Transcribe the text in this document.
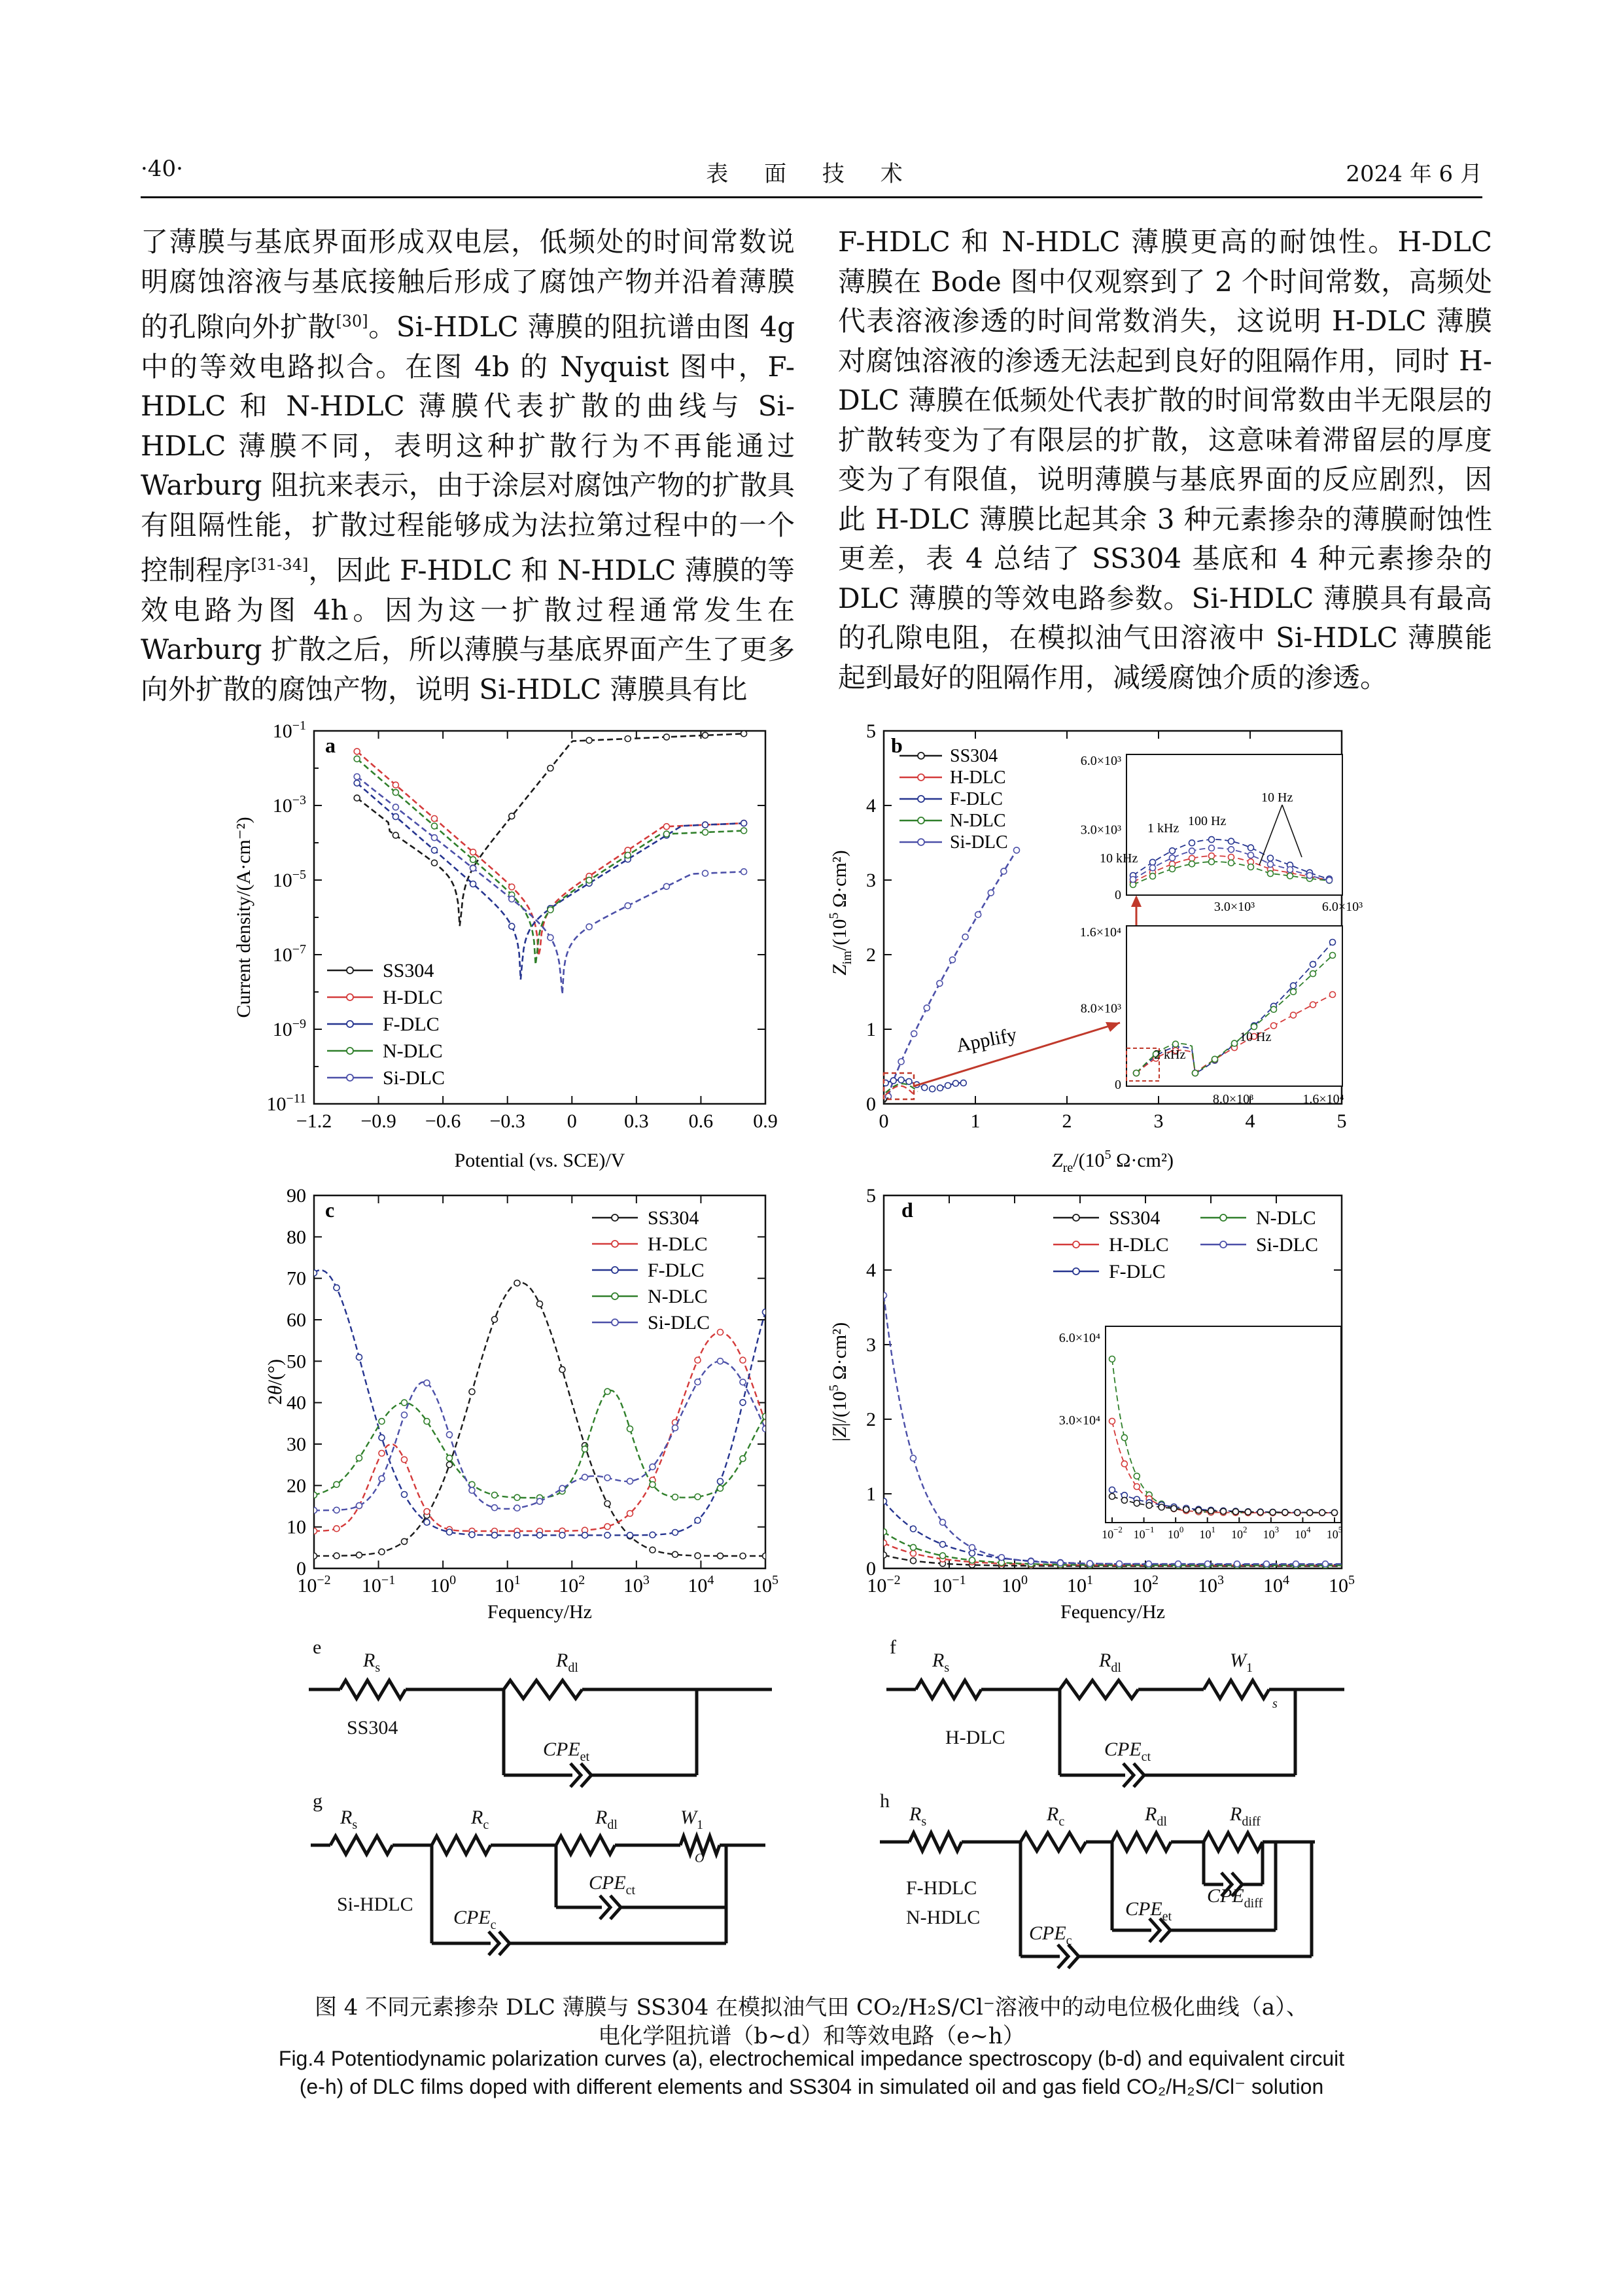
·40·	表 面 技 术	2024 年 6 月

了薄膜与基底界面形成双电层，低频处的时间常数说明腐蚀溶液与基底接触后形成了腐蚀产物并沿着薄膜的孔隙向外扩散[30]。Si-HDLC 薄膜的阻抗谱由图 4g 中的等效电路拟合。在图 4b 的 Nyquist 图中，F-HDLC 和 N-HDLC 薄膜代表扩散的曲线与 Si-HDLC 薄膜不同，表明这种扩散行为不再能通过 Warburg 阻抗来表示，由于涂层对腐蚀产物的扩散具有阻隔性能，扩散过程能够成为法拉第过程中的一个控制程序[31-34]，因此 F-HDLC 和 N-HDLC 薄膜的等效电路为图 4h。因为这一扩散过程通常发生在 Warburg 扩散之后，所以薄膜与基底界面产生了更多向外扩散的腐蚀产物，说明 Si-HDLC 薄膜具有比

F-HDLC 和 N-HDLC 薄膜更高的耐蚀性。H-DLC 薄膜在 Bode 图中仅观察到了 2 个时间常数，高频处代表溶液渗透的时间常数消失，这说明 H-DLC 薄膜对腐蚀溶液的渗透无法起到良好的阻隔作用，同时 H-DLC 薄膜在低频处代表扩散的时间常数由半无限层的扩散转变为了有限层的扩散，这意味着滞留层的厚度变为了有限值，说明薄膜与基底界面的反应剧烈，因此 H-DLC 薄膜比起其余 3 种元素掺杂的薄膜耐蚀性更差，表 4 总结了 SS304 基底和 4 种元素掺杂的 DLC 薄膜的等效电路参数。Si-HDLC 薄膜具有最高的孔隙电阻，在模拟油气田溶液中 Si-HDLC 薄膜能起到最好的阻隔作用，减缓腐蚀介质的渗透。

a
−1.2 −0.9 −0.6 −0.3 0 0.3 0.6 0.9
$10^{-1}$
$10^{-3}$
$10^{-5}$
$10^{-7}$
$10^{-9}$
$10^{-11}$
SS304
H-DLC
F-DLC
N-DLC
Si-DLC
Potential (vs. SCE)/V
Current density/(A·cm⁻²)
b
0	1	2	3	4	5
0
1
2
3
4
5
SS304
H-DLC
F-DLC
N-DLC
Si-DLC
$Z_{im}/(10^5$ Ω·cm²)
$Z_{re}/(10^5$ Ω·cm²)
Applify
6.0×10³
3.0×10³
0
3.0×10³	6.0×10³
10 Hz
100 Hz
1 kHz
10 kHz
1.6×10⁴
8.0×10³
0
8.0×10³	1.6×10⁴
2 kHz
10 Hz
c
$10^{-2}$ $10^{-1}$ $10^0$ $10^1$ $10^2$ $10^3$ $10^4$ $10^5$
0
10
20
30
40
50
60
70
80
90
SS304
H-DLC
F-DLC
N-DLC
Si-DLC
Fequency/Hz
2θ/(°)
d
$10^{-2}$ $10^{-1}$ $10^0$ $10^1$ $10^2$ $10^3$ $10^4$ $10^5$
0
1
2
3
4
5
SS304
H-DLC
F-DLC
N-DLC
Si-DLC
Fequency/Hz
$|Z|/(10^5$ Ω·cm²)	6.0×10⁴
3.0×10⁴
$10^{-2}$ $10^{-1}$ $10^0$ $10^1$ $10^2$ $10^3$ $10^4$ $10^5$
e
$R_s$	$R_{dl}$
$CPE_{et}$
SS304
f
$R_s$	$R_{dl}$	$W_1$
s
$CPE_{ct}$
H-DLC
g
$R_s$	$R_c$	$R_{dl}$	$W_1$
O
$CPE_{ct}$
$CPE_c$
Si-HDLC
h
$R_s$	$R_c$	$R_{dl}$	$R_{diff}$
$CPE_{et}$
$CPE_{diff}$
$CPE_c$
F-HDLC
N-HDLC
图 4 不同元素掺杂 DLC 薄膜与 SS304 在模拟油气田 CO₂/H₂S/Cl⁻溶液中的动电位极化曲线（a）、
电化学阻抗谱（b~d）和等效电路（e~h）
Fig.4 Potentiodynamic polarization curves (a), electrochemical impedance spectroscopy (b-d) and equivalent circuit
(e-h) of DLC films doped with different elements and SS304 in simulated oil and gas field CO₂/H₂S/Cl⁻ solution
